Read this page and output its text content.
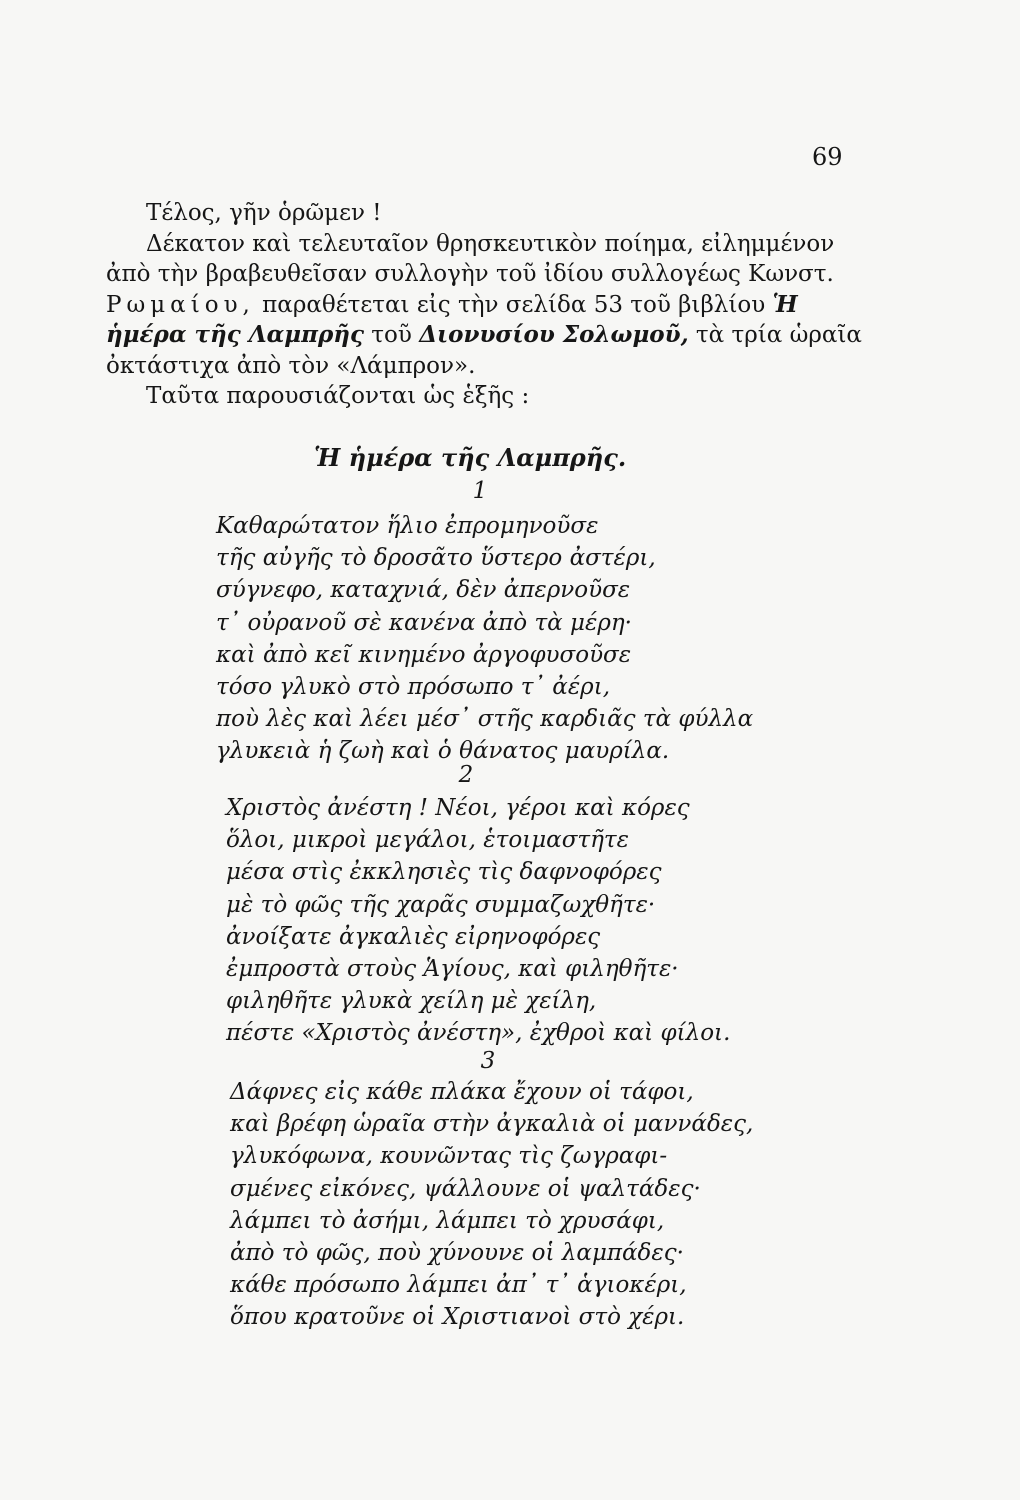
69

Τέλος, γῆν ὁρῶμεν !

Δέκατον καὶ τελευταῖον θρησκευτικὸν ποίημα, εἰλημμένον

ἀπὸ τὴν βραβευθεῖσαν συλλογὴν τοῦ ἰδίου συλλογέως Κωνστ.

Ρωμαίου, παραθέτεται εἰς τὴν σελίδα 53 τοῦ βιβλίου Ἡ

ἡμέρα τῆς Λαμπρῆς τοῦ Διονυσίου Σολωμοῦ, τὰ τρία ὡραῖα

ὀκτάστιχα ἀπὸ τὸν «Λάμπρον».

Ταῦτα παρουσιάζονται ὡς ἑξῆς :

Ἡ ἡμέρα τῆς Λαμπρῆς.
1
Καθαρώτατον ἥλιο ἐπρομηνοῦσε
τῆς αὐγῆς τὸ δροσᾶτο ὕστερο ἀστέρι,
σύγνεφο, καταχνιά, δὲν ἀπερνοῦσε
τ᾽ οὐρανοῦ σὲ κανένα ἀπὸ τὰ μέρη·
καὶ ἀπὸ κεῖ κινημένο ἀργοφυσοῦσε
τόσο γλυκὸ στὸ πρόσωπο τ᾽ ἀέρι,
ποὺ λὲς καὶ λέει μέσ᾽ στῆς καρδιᾶς τὰ φύλλα
γλυκειὰ ἡ ζωὴ καὶ ὁ θάνατος μαυρίλα.
2
Χριστὸς ἀνέστη ! Νέοι, γέροι καὶ κόρες
ὅλοι, μικροὶ μεγάλοι, ἑτοιμαστῆτε
μέσα στὶς ἐκκλησιὲς τὶς δαφνοφόρες
μὲ τὸ φῶς τῆς χαρᾶς συμμαζωχθῆτε·
ἀνοίξατε ἀγκαλιὲς εἰρηνοφόρες
ἐμπροστὰ στοὺς Ἁγίους, καὶ φιληθῆτε·
φιληθῆτε γλυκὰ χείλη μὲ χείλη,
πέστε «Χριστὸς ἀνέστη», ἐχθροὶ καὶ φίλοι.
3
Δάφνες εἰς κάθε πλάκα ἔχουν οἱ τάφοι,
καὶ βρέφη ὡραῖα στὴν ἀγκαλιὰ οἱ μαννάδες,
γλυκόφωνα, κουνῶντας τὶς ζωγραφι-
σμένες εἰκόνες, ψάλλουνε οἱ ψαλτάδες·
λάμπει τὸ ἀσήμι, λάμπει τὸ χρυσάφι,
ἀπὸ τὸ φῶς, ποὺ χύνουνε οἱ λαμπάδες·
κάθε πρόσωπο λάμπει ἀπ᾽ τ᾽ ἁγιοκέρι,
ὅπου κρατοῦνε οἱ Χριστιανοὶ στὸ χέρι.
